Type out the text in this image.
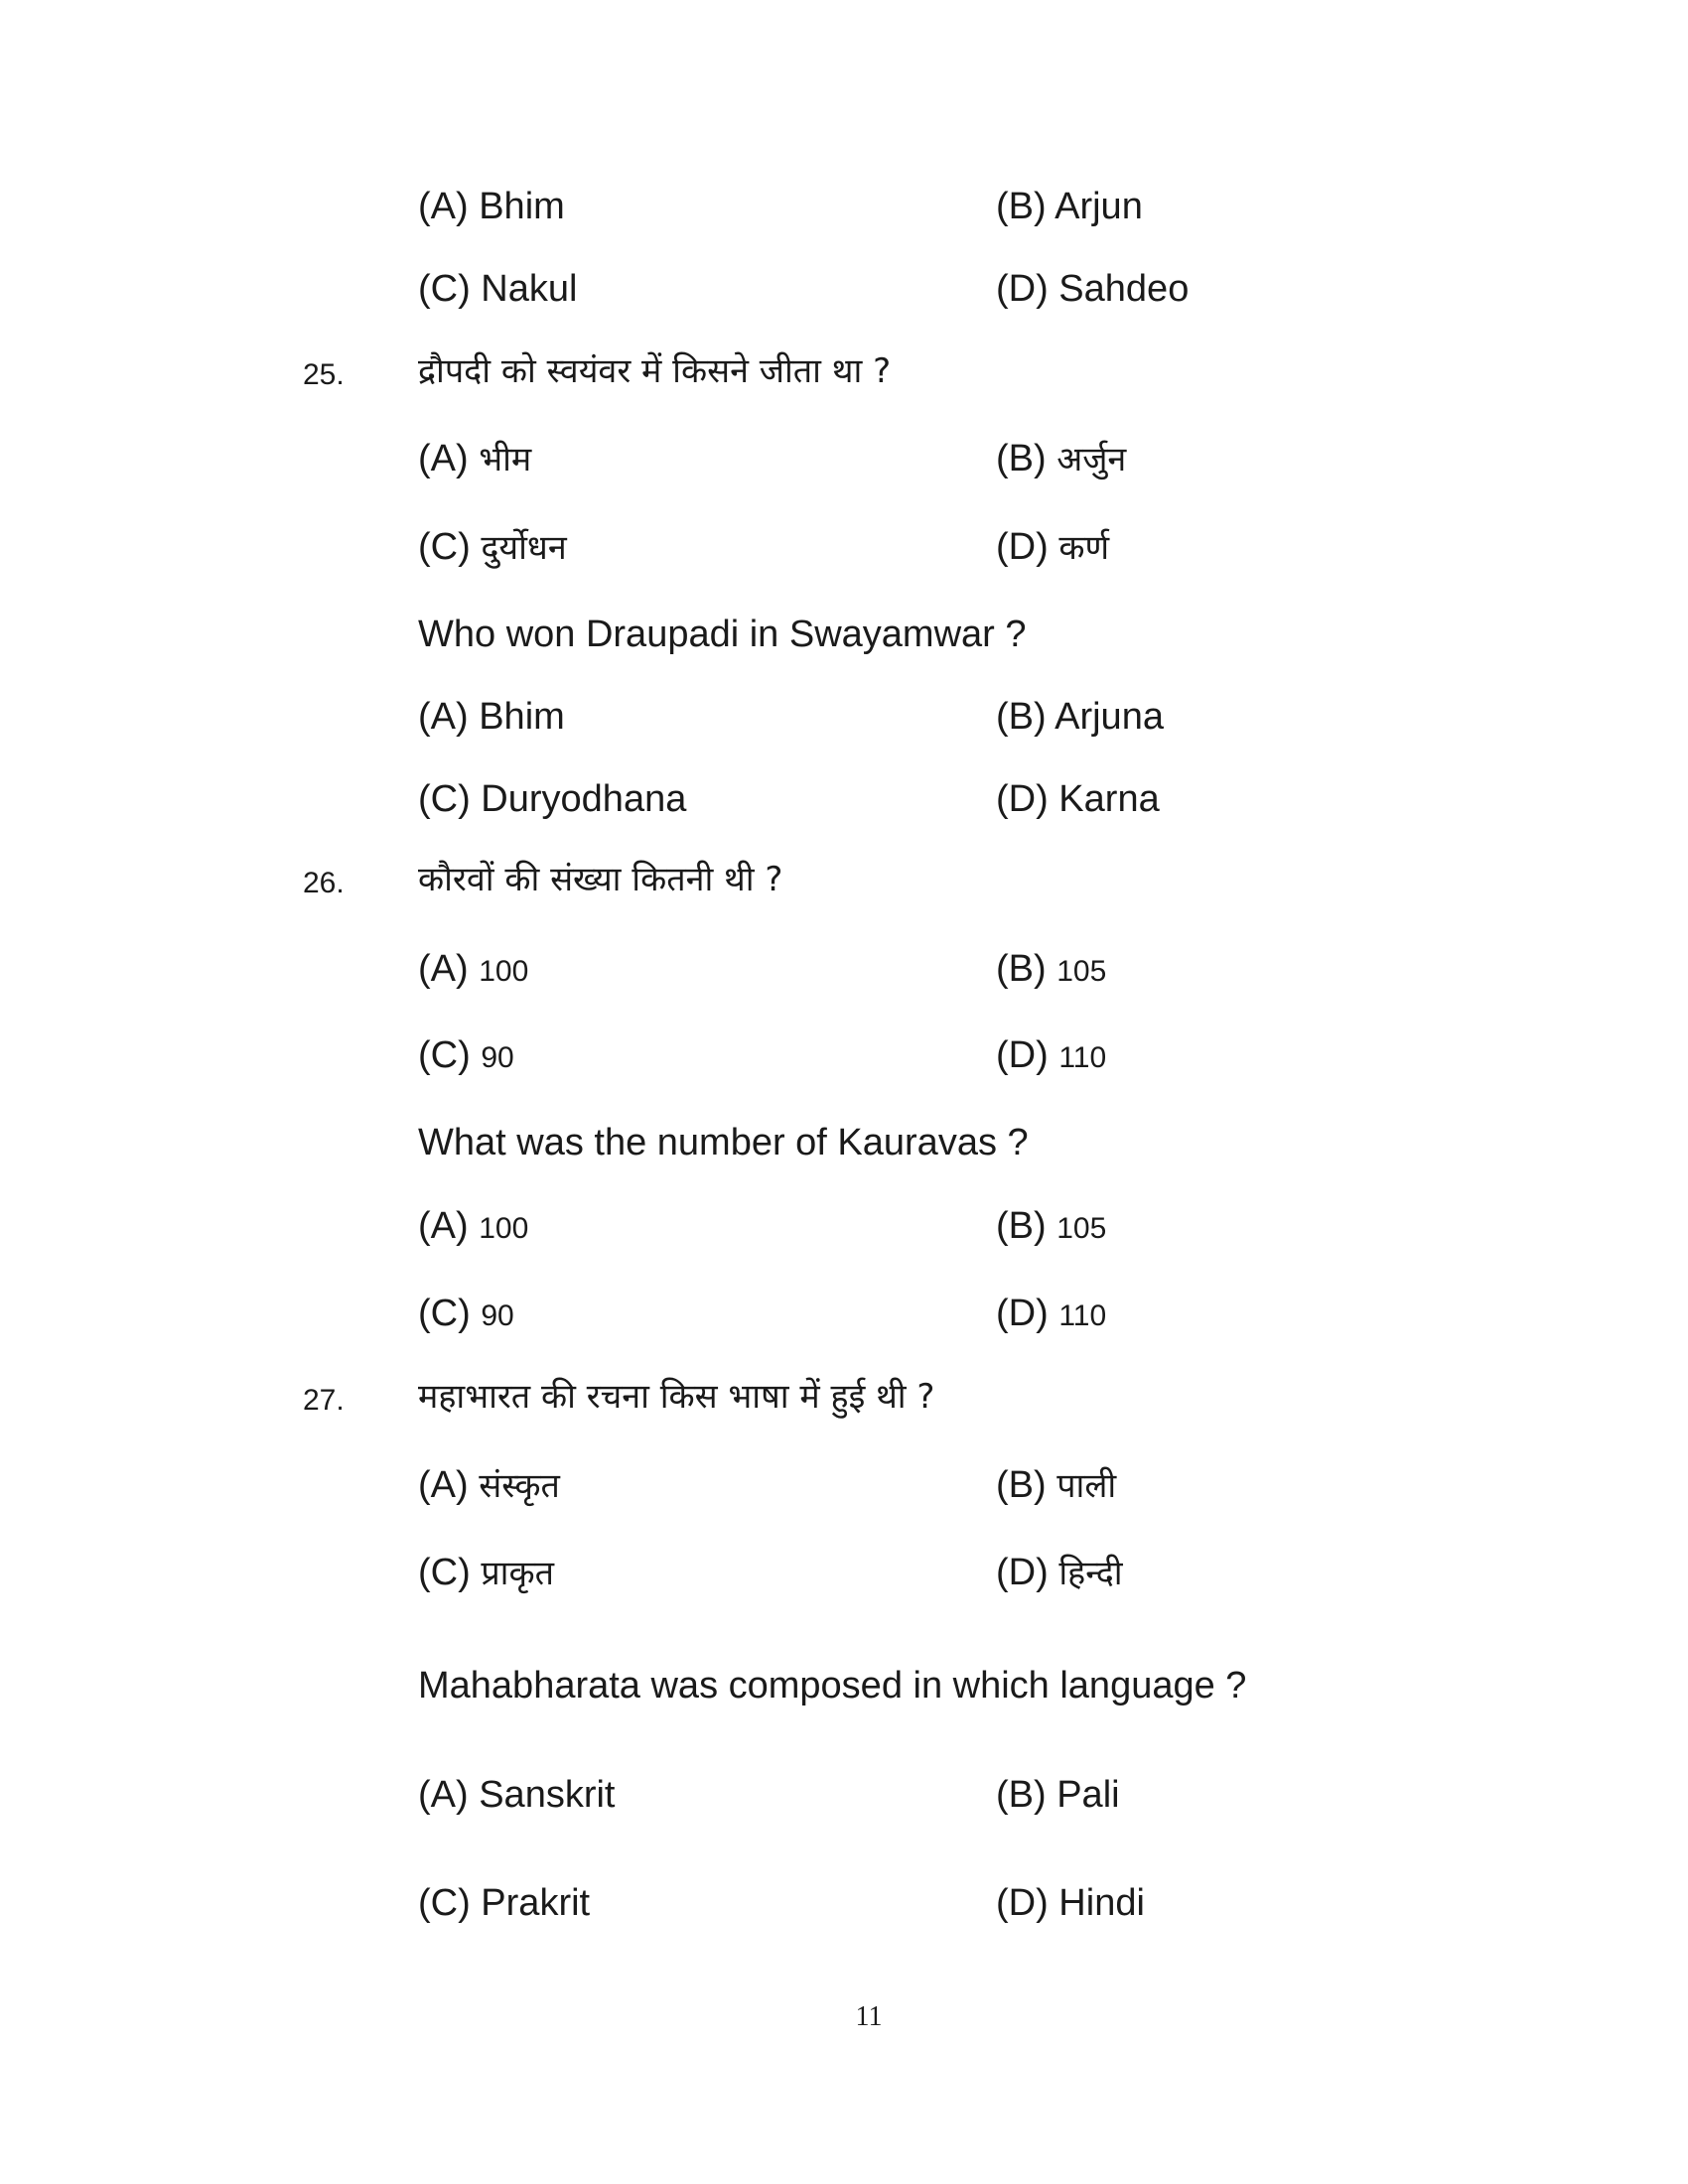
(A) Bhim	(B) Arjun
(C) Nakul	(D) Sahdeo
25. द्रौपदी को स्वयंवर में किसने जीता था ?
(A) भीम	(B) अर्जुन
(C) दुर्योधन	(D) कर्ण
Who won Draupadi in Swayamwar ?
(A) Bhim	(B) Arjuna
(C) Duryodhana	(D) Karna
26. कौरवों की संख्या कितनी थी ?
(A) 100	(B) 105
(C) 90	(D) 110
What was the number of Kauravas ?
(A) 100	(B) 105
(C) 90	(D) 110
27. महाभारत की रचना किस भाषा में हुई थी ?
(A) संस्कृत	(B) पाली
(C) प्राकृत	(D) हिन्दी
Mahabharata was composed in which language ?
(A) Sanskrit	(B) Pali
(C) Prakrit	(D) Hindi
11
